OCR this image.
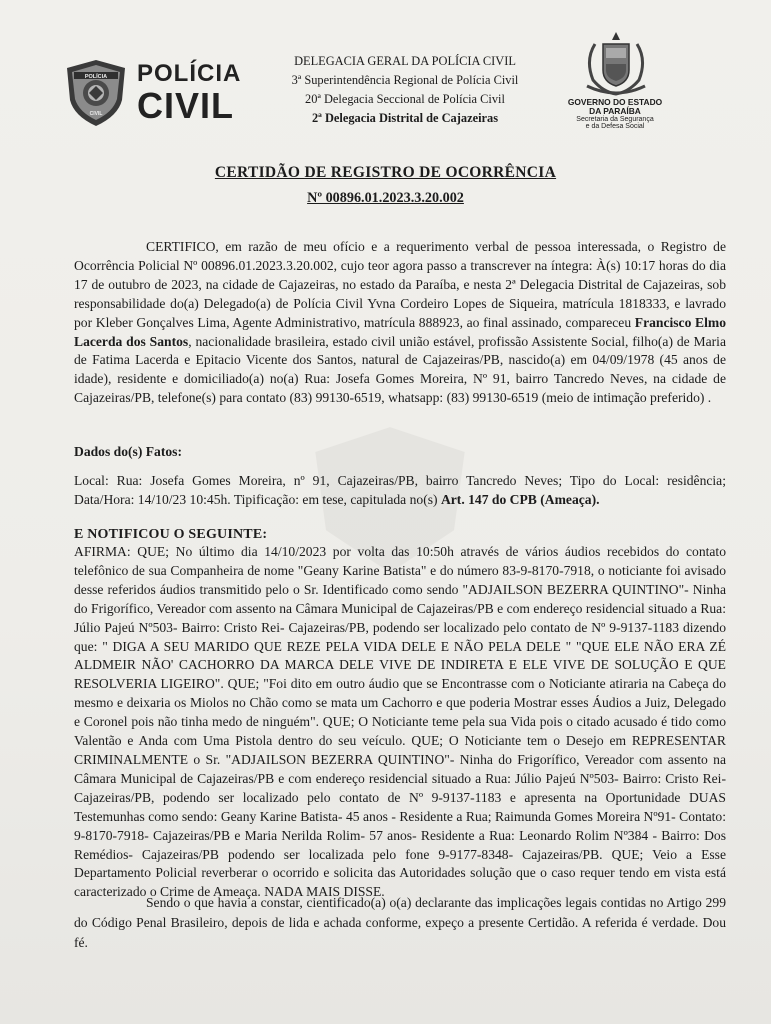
POLÍCIA
CIVIL
POLÍCIA
CIVIL
DELEGACIA GERAL DA POLÍCIA CIVIL
3ª Superintendência Regional de Polícia Civil
20ª Delegacia Seccional de Polícia Civil
2ª Delegacia Distrital de Cajazeiras
GOVERNO DO ESTADO
DA PARAÍBA
Secretaria da Segurança
e da Defesa Social
CERTIDÃO DE REGISTRO DE OCORRÊNCIA
Nº 00896.01.2023.3.20.002
CERTIFICO, em razão de meu ofício e a requerimento verbal de pessoa interessada, o Registro de Ocorrência Policial Nº 00896.01.2023.3.20.002, cujo teor agora passo a transcrever na íntegra: À(s) 10:17 horas do dia 17 de outubro de 2023, na cidade de Cajazeiras, no estado da Paraíba, e nesta 2ª Delegacia Distrital de Cajazeiras, sob responsabilidade do(a) Delegado(a) de Polícia Civil Yvna Cordeiro Lopes de Siqueira, matrícula 1818333, e lavrado por Kleber Gonçalves Lima, Agente Administrativo, matrícula 888923, ao final assinado, compareceu Francisco Elmo Lacerda dos Santos, nacionalidade brasileira, estado civil união estável, profissão Assistente Social, filho(a) de Maria de Fatima Lacerda e Epitacio Vicente dos Santos, natural de Cajazeiras/PB, nascido(a) em 04/09/1978 (45 anos de idade), residente e domiciliado(a) no(a) Rua: Josefa Gomes Moreira, Nº 91, bairro Tancredo Neves, na cidade de Cajazeiras/PB, telefone(s) para contato (83) 99130-6519, whatsapp: (83) 99130-6519 (meio de intimação preferido) .
Dados do(s) Fatos:
Local: Rua: Josefa Gomes Moreira, nº 91, Cajazeiras/PB, bairro Tancredo Neves; Tipo do Local: residência; Data/Hora: 14/10/23 10:45h. Tipificação: em tese, capitulada no(s) Art. 147 do CPB (Ameaça).
E NOTIFICOU O SEGUINTE:
AFIRMA: QUE; No último dia 14/10/2023 por volta das 10:50h através de vários áudios recebidos do contato telefônico de sua Companheira de nome "Geany Karine Batista" e do número 83-9-8170-7918, o noticiante foi avisado desse referidos áudios transmitido pelo o Sr. Identificado como sendo "ADJAILSON BEZERRA QUINTINO"- Ninha do Frigorífico, Vereador com assento na Câmara Municipal de Cajazeiras/PB e com endereço residencial situado a Rua: Júlio Pajeú Nº503- Bairro: Cristo Rei- Cajazeiras/PB, podendo ser localizado pelo contato de Nº 9-9137-1183 dizendo que: " DIGA A SEU MARIDO QUE REZE PELA VIDA DELE E NÃO PELA DELE " "QUE ELE NÃO ERA ZÉ ALDMEIR NÃO' CACHORRO DA MARCA DELE VIVE DE INDIRETA E ELE VIVE DE SOLUÇÃO E QUE RESOLVERIA LIGEIRO". QUE; "Foi dito em outro áudio que se Encontrasse com o Noticiante atiraria na Cabeça do mesmo e deixaria os Miolos no Chão como se mata um Cachorro e que poderia Mostrar esses Áudios a Juiz, Delegado e Coronel pois não tinha medo de ninguém". QUE; O Noticiante teme pela sua Vida pois o citado acusado é tido como Valentão e Anda com Uma Pistola dentro do seu veículo. QUE; O Noticiante tem o Desejo em REPRESENTAR CRIMINALMENTE o Sr. "ADJAILSON BEZERRA QUINTINO"- Ninha do Frigorífico, Vereador com assento na Câmara Municipal de Cajazeiras/PB e com endereço residencial situado a Rua: Júlio Pajeú Nº503- Bairro: Cristo Rei- Cajazeiras/PB, podendo ser localizado pelo contato de Nº 9-9137-1183 e apresenta na Oportunidade DUAS Testemunhas como sendo: Geany Karine Batista- 45 anos - Residente a Rua; Raimunda Gomes Moreira Nº91- Contato: 9-8170-7918- Cajazeiras/PB e Maria Nerilda Rolim- 57 anos- Residente a Rua: Leonardo Rolim Nº384 - Bairro: Dos Remédios- Cajazeiras/PB podendo ser localizada pelo fone 9-9177-8348- Cajazeiras/PB. QUE; Veio a Esse Departamento Policial reverberar o ocorrido e solicita das Autoridades solução que o caso requer tendo em vista está caracterizado o Crime de Ameaça. NADA MAIS DISSE.
Sendo o que havia a constar, cientificado(a) o(a) declarante das implicações legais contidas no Artigo 299 do Código Penal Brasileiro, depois de lida e achada conforme, expeço a presente Certidão. A referida é verdade. Dou fé.
